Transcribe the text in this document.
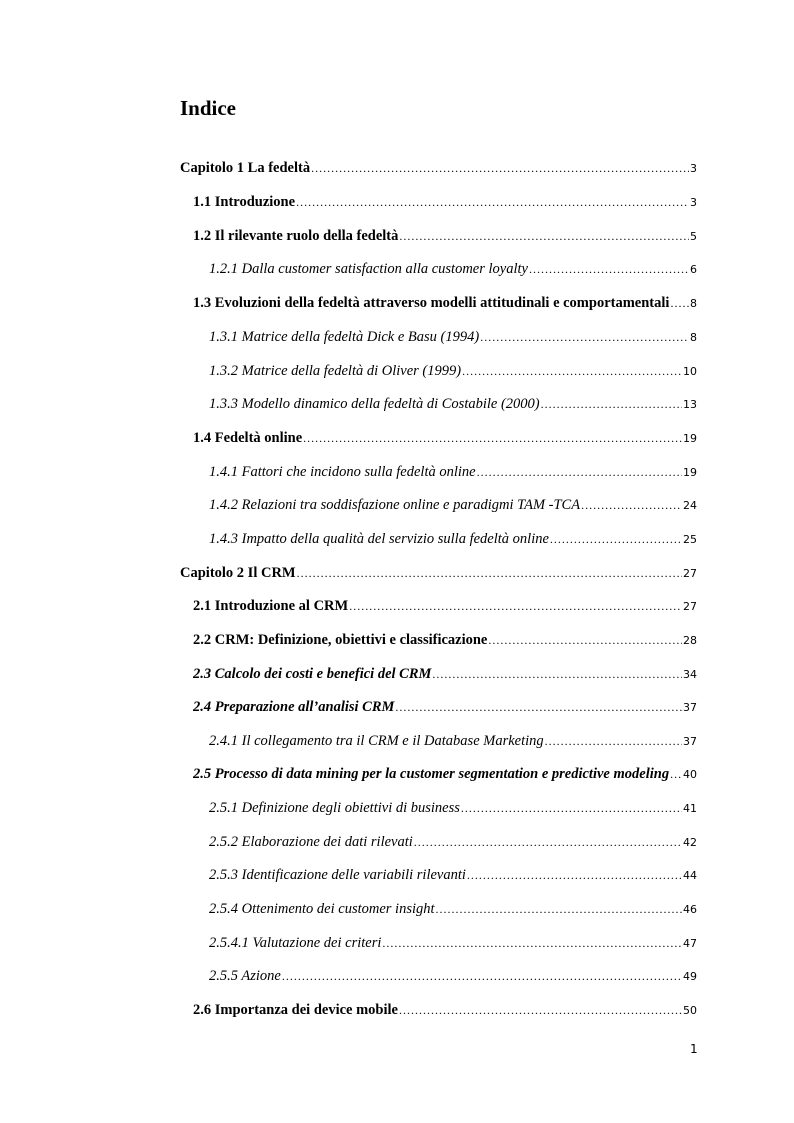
Indice
Capitolo 1 La fedeltà .....	3
1.1 Introduzione .....	3
1.2 Il rilevante ruolo della fedeltà .....	5
1.2.1 Dalla customer satisfaction alla customer loyalty .....	6
1.3 Evoluzioni della fedeltà attraverso modelli attitudinali e comportamentali ..... 8
1.3.1 Matrice della fedeltà Dick e Basu (1994) .....	8
1.3.2 Matrice della fedeltà di Oliver (1999) .....	10
1.3.3 Modello dinamico della fedeltà di Costabile (2000) .....	13
1.4 Fedeltà online .....	19
1.4.1 Fattori che incidono sulla fedeltà online .....	19
1.4.2 Relazioni tra soddisfazione online e paradigmi TAM -TCA .....	24
1.4.3 Impatto della qualità del servizio sulla fedeltà online .....	25
Capitolo 2 Il CRM .....	27
2.1 Introduzione al CRM .....	27
2.2 CRM: Definizione, obiettivi e classificazione .....	28
2.3 Calcolo dei costi e benefici del CRM .....	34
2.4 Preparazione all’analisi CRM .....	37
2.4.1 Il collegamento tra il CRM e il Database Marketing .....	37
2.5 Processo di data mining per la customer segmentation e predictive modeling ..... 40
2.5.1 Definizione degli obiettivi di business .....	41
2.5.2 Elaborazione dei dati rilevati .....	42
2.5.3 Identificazione delle variabili rilevanti .....	44
2.5.4 Ottenimento dei customer insight .....	46
2.5.4.1 Valutazione dei criteri .....	47
2.5.5 Azione .....	49
2.6 Importanza dei device mobile .....	50
1
